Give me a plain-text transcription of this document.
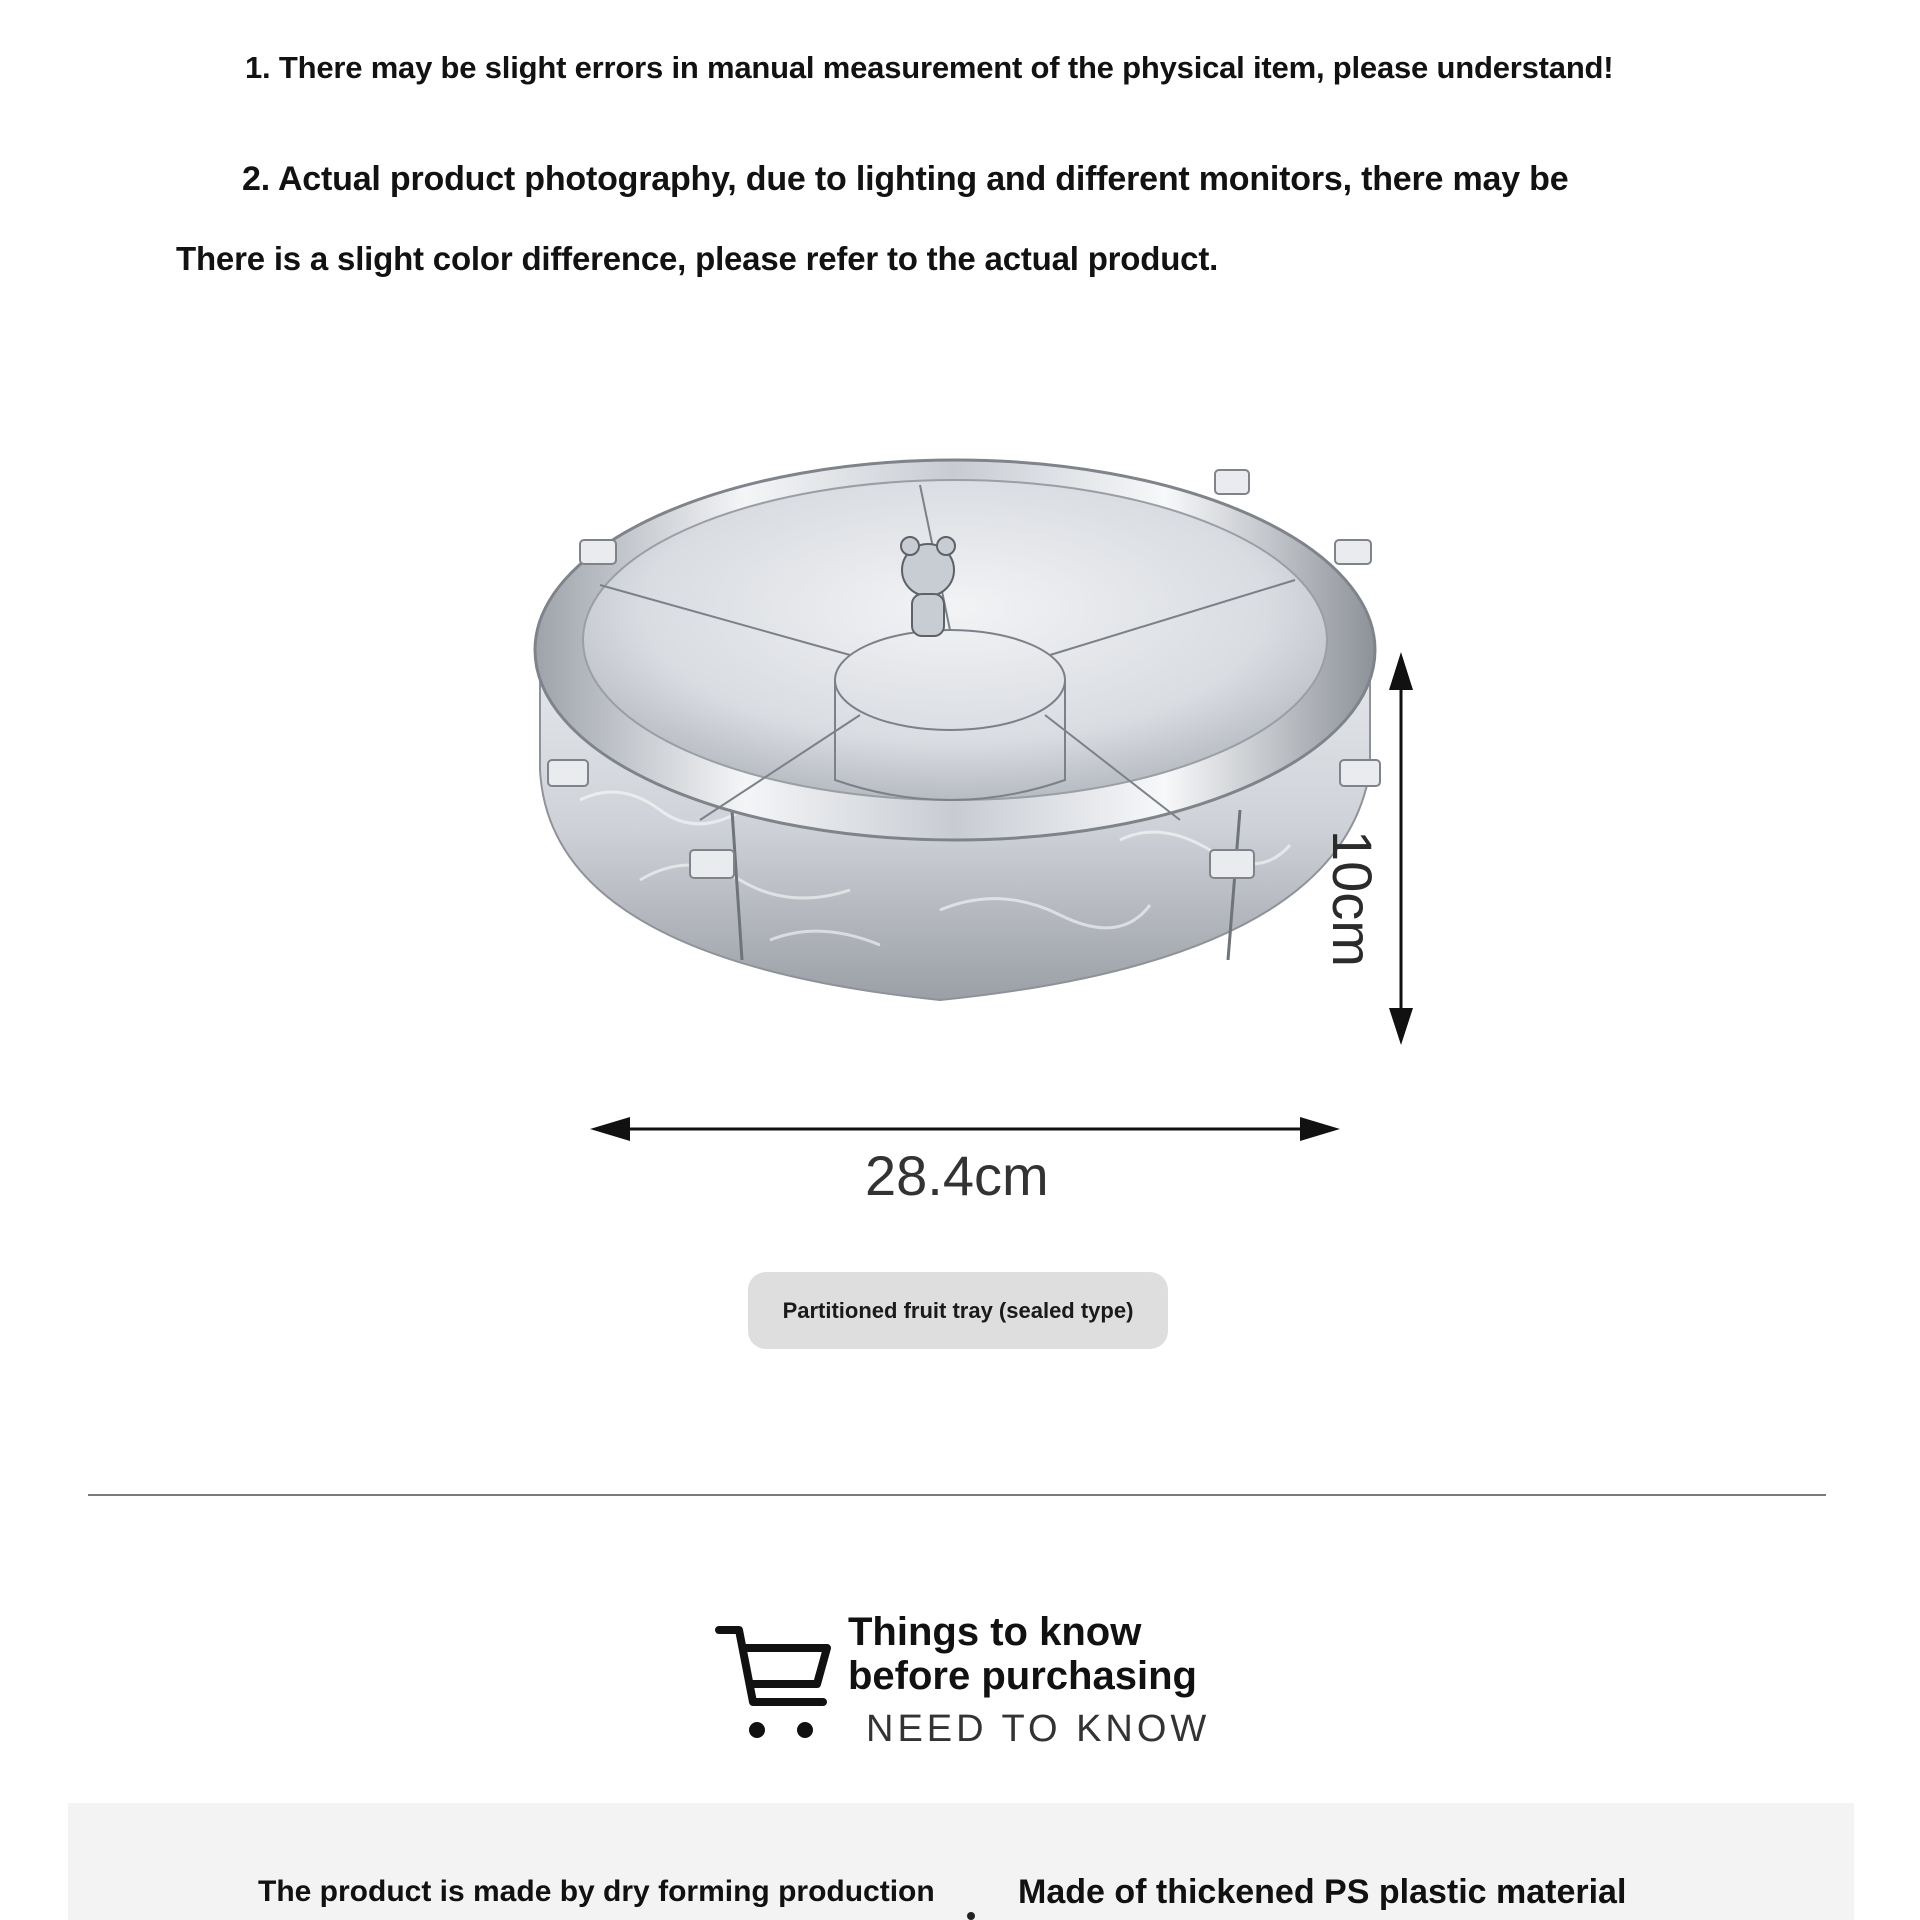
1. There may be slight errors in manual measurement of the physical item, please understand!
2. Actual product photography, due to lighting and different monitors, there may be
There is a slight color difference, please refer to the actual product.
10cm
28.4cm
Partitioned fruit tray (sealed type)
Things to know
before purchasing
NEED TO KNOW
The product is made by dry forming production Made of thickened PS plastic material
